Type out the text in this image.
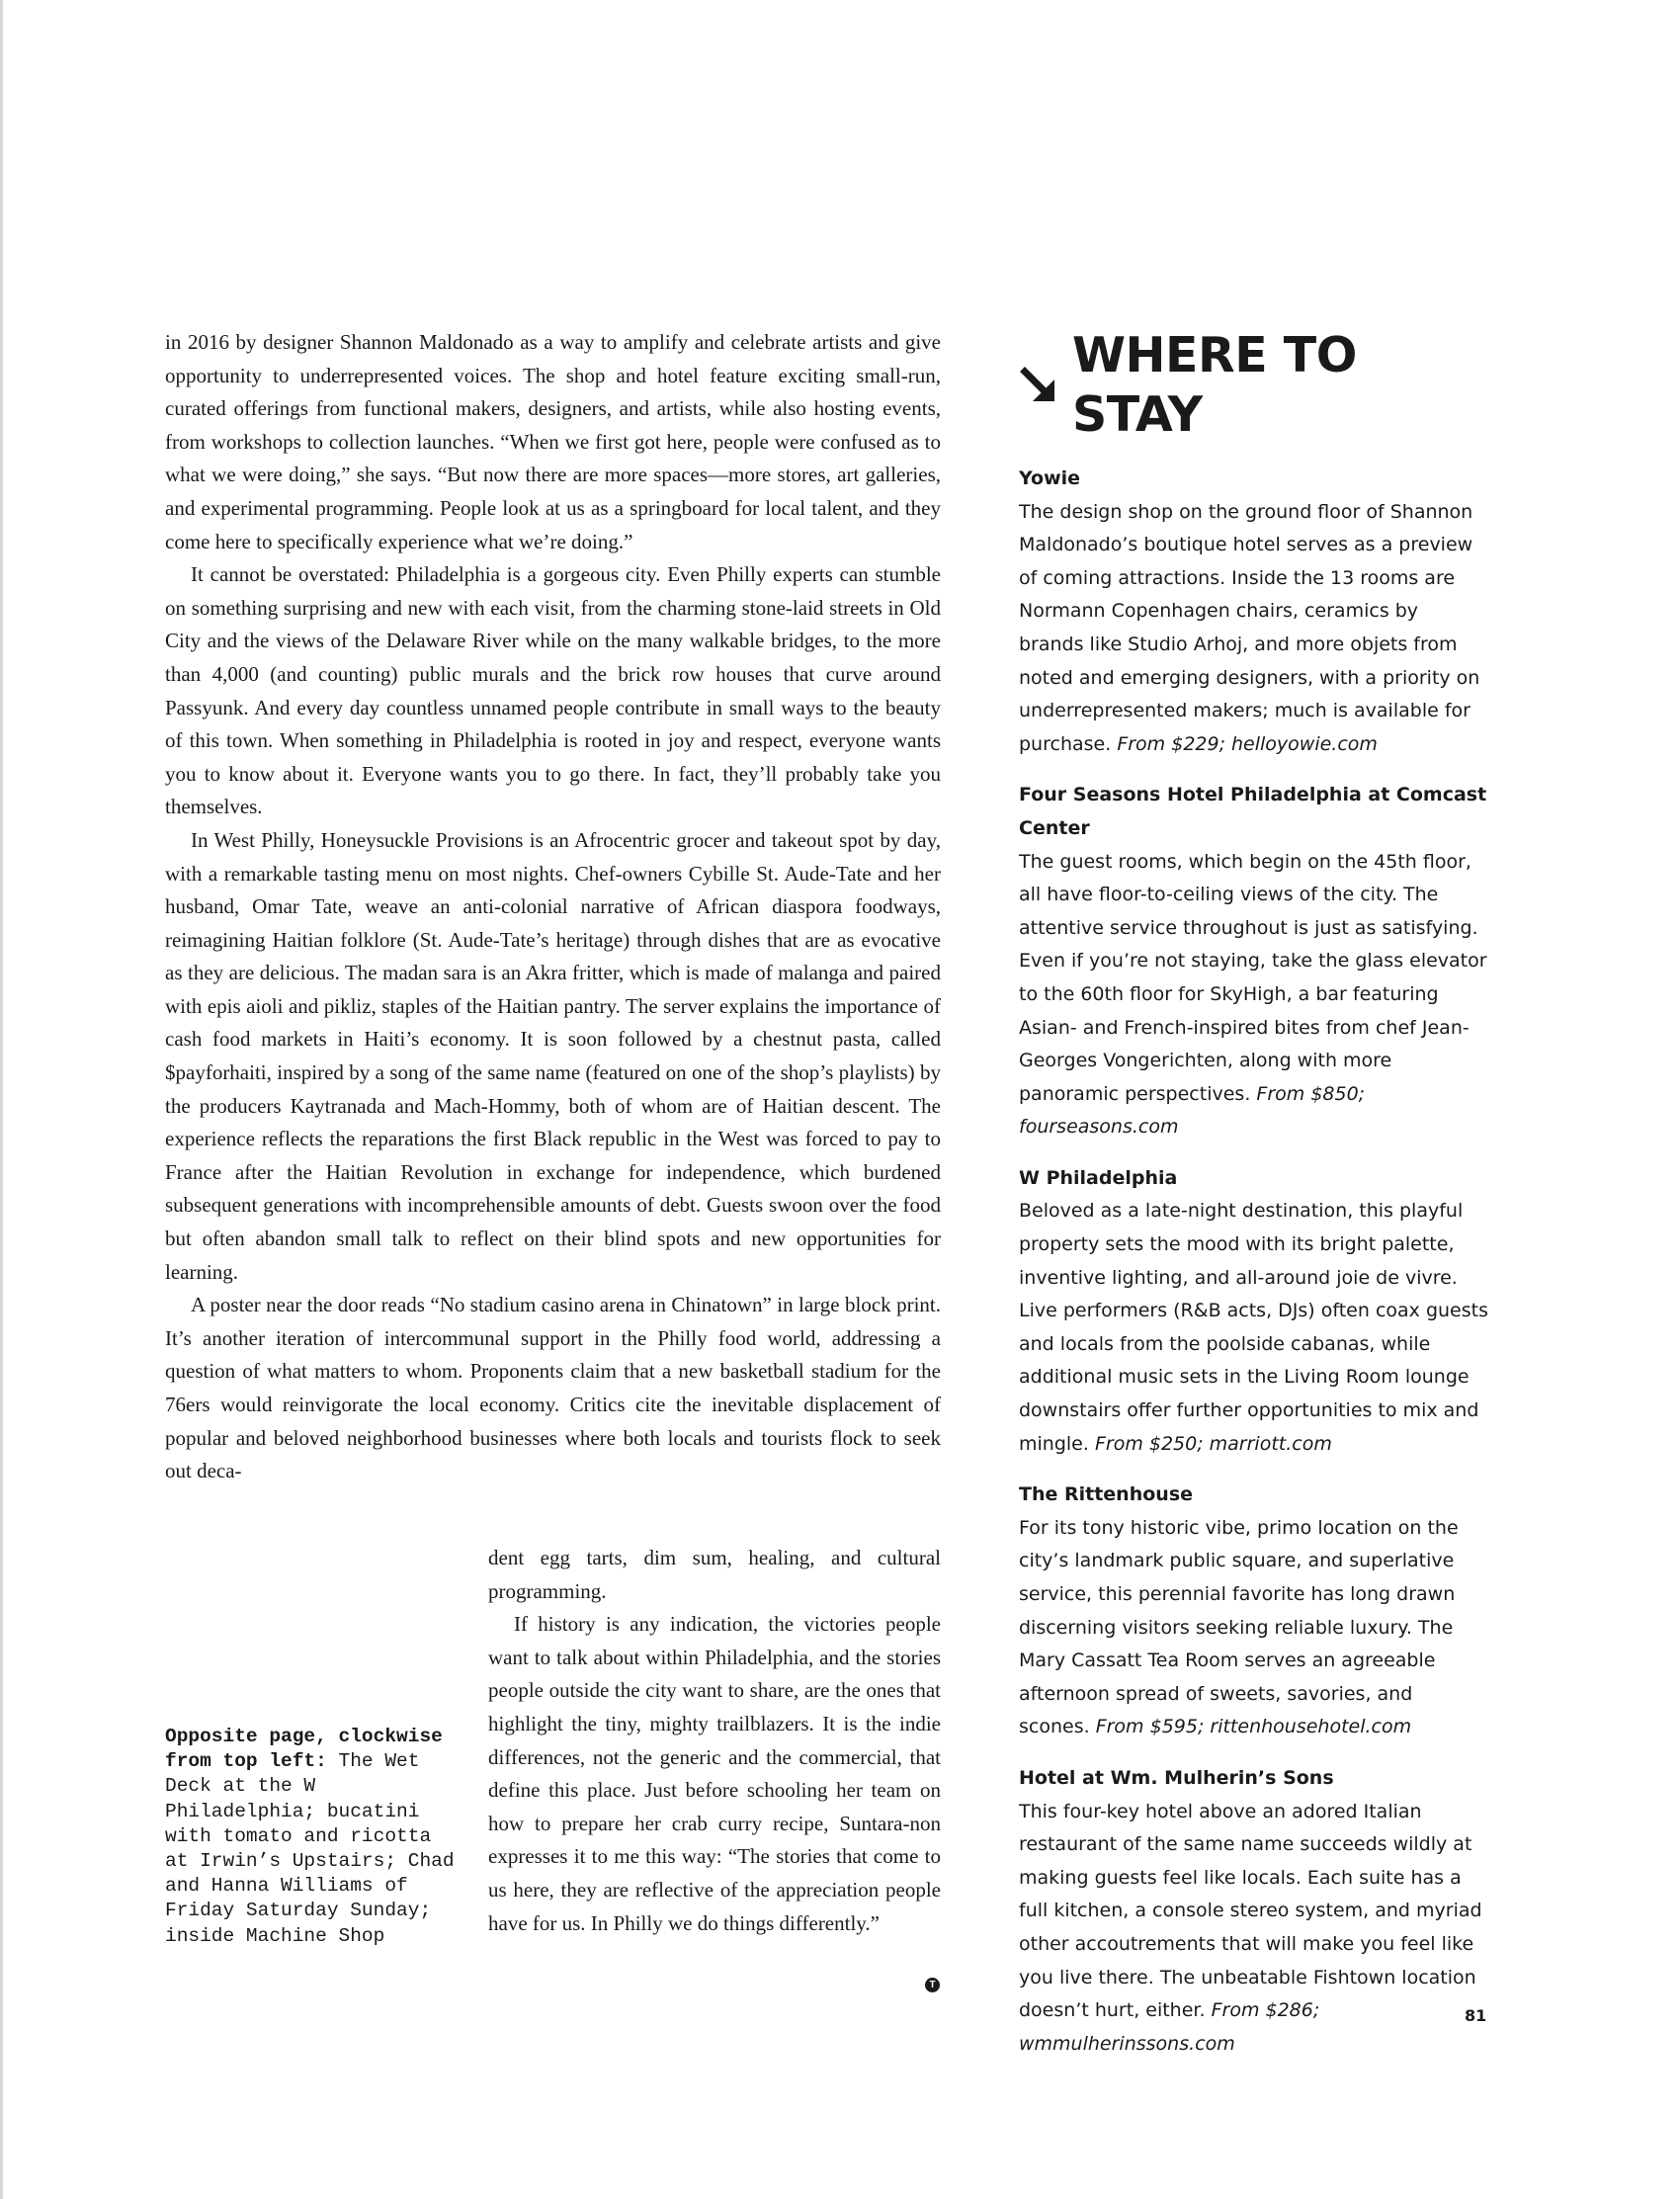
in 2016 by designer Shannon Maldonado as a way to amplify and celebrate artists and give opportunity to underrepresented voices. The shop and hotel feature exciting small-run, curated offerings from functional makers, designers, and artists, while also hosting events, from workshops to collection launches. “When we first got here, people were confused as to what we were doing,” she says. “But now there are more spaces—more stores, art galleries, and experimental programming. People look at us as a springboard for local talent, and they come here to specifically experience what we’re doing.”

It cannot be overstated: Philadelphia is a gorgeous city. Even Philly experts can stumble on something surprising and new with each visit, from the charming stone-laid streets in Old City and the views of the Delaware River while on the many walkable bridges, to the more than 4,000 (and counting) public murals and the brick row houses that curve around Passyunk. And every day countless unnamed people contribute in small ways to the beauty of this town. When something in Philadelphia is rooted in joy and respect, everyone wants you to know about it. Everyone wants you to go there. In fact, they’ll probably take you themselves.

In West Philly, Honeysuckle Provisions is an Afrocentric grocer and takeout spot by day, with a remarkable tasting menu on most nights. Chef-owners Cybille St. Aude-Tate and her husband, Omar Tate, weave an anti-colonial narrative of African diaspora foodways, reimagining Haitian folklore (St. Aude-Tate’s heritage) through dishes that are as evocative as they are delicious. The madan sara is an Akra fritter, which is made of malanga and paired with epis aioli and pikliz, staples of the Haitian pantry. The server explains the importance of cash food markets in Haiti’s economy. It is soon followed by a chestnut pasta, called $payforhaiti, inspired by a song of the same name (featured on one of the shop’s playlists) by the producers Kaytranada and Mach-Hommy, both of whom are of Haitian descent. The experience reflects the reparations the first Black republic in the West was forced to pay to France after the Haitian Revolution in exchange for independence, which burdened subsequent generations with incomprehensible amounts of debt. Guests swoon over the food but often abandon small talk to reflect on their blind spots and new opportunities for learning.

A poster near the door reads “No stadium casino arena in Chinatown” in large block print. It’s another iteration of intercommunal support in the Philly food world, addressing a question of what matters to whom. Proponents claim that a new basketball stadium for the 76ers would reinvigorate the local economy. Critics cite the inevitable displacement of popular and beloved neighborhood businesses where both locals and tourists flock to seek out deca-

dent egg tarts, dim sum, healing, and cultural programming.

If history is any indication, the victories people want to talk about within Philadelphia, and the stories people outside the city want to share, are the ones that highlight the tiny, mighty trailblazers. It is the indie differences, not the generic and the commercial, that define this place. Just before schooling her team on how to prepare her crab curry recipe, Suntara-non expresses it to me this way: “The stories that come to us here, they are reflective of the appreciation people have for us. In Philly we do things differently.”

T
Opposite page, clockwise from top left: The Wet Deck at the W Philadelphia; bucatini with tomato and ricotta at Irwin’s Upstairs; Chad and Hanna Williams of Friday Saturday Sunday; inside Machine Shop
WHERE TO STAY

Yowie

The design shop on the ground floor of Shannon Maldonado’s boutique hotel serves as a preview of coming attractions. Inside the 13 rooms are Normann Copenhagen chairs, ceramics by brands like Studio Arhoj, and more objets from noted and emerging designers, with a priority on underrepresented makers; much is available for purchase. From $229; helloyowie.com

Four Seasons Hotel Philadelphia at Comcast Center

The guest rooms, which begin on the 45th floor, all have floor-to-ceiling views of the city. The attentive service throughout is just as satisfying. Even if you’re not staying, take the glass elevator to the 60th floor for SkyHigh, a bar featuring Asian- and French-inspired bites from chef Jean-Georges Vongerichten, along with more panoramic perspectives. From $850; fourseasons.com

W Philadelphia

Beloved as a late-night destination, this playful property sets the mood with its bright palette, inventive lighting, and all-around joie de vivre. Live performers (R&B acts, DJs) often coax guests and locals from the poolside cabanas, while additional music sets in the Living Room lounge downstairs offer further opportunities to mix and mingle. From $250; marriott.com

The Rittenhouse

For its tony historic vibe, primo location on the city’s landmark public square, and superlative service, this perennial favorite has long drawn discerning visitors seeking reliable luxury. The Mary Cassatt Tea Room serves an agreeable afternoon spread of sweets, savories, and scones. From $595; rittenhousehotel.com

Hotel at Wm. Mulherin’s Sons

This four-key hotel above an adored Italian restaurant of the same name succeeds wildly at making guests feel like locals. Each suite has a full kitchen, a console stereo system, and myriad other accoutrements that will make you feel like you live there. The unbeatable Fishtown location doesn’t hurt, either. From $286; wmmulherinssons.com

81
